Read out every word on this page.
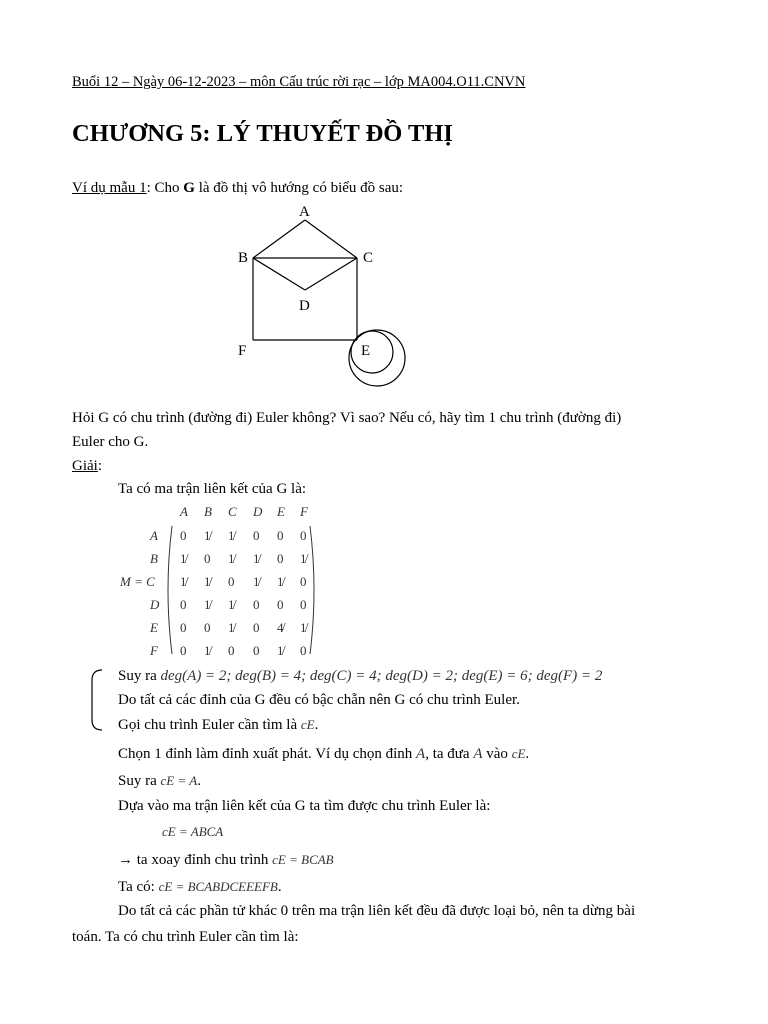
Buổi 12 – Ngày 06-12-2023 – môn Cấu trúc rời rạc – lớp MA004.O11.CNVN
CHƯƠNG 5: LÝ THUYẾT ĐỒ THỊ
Ví dụ mẫu 1: Cho G là đồ thị vô hướng có biểu đồ sau:
A
B	C
D
F	E
Hỏi G có chu trình (đường đi) Euler không? Vì sao? Nếu có, hãy tìm 1 chu trình (đường đi)
Euler cho G.
Giải:
Ta có ma trận liên kết của G là:
A B C D E F
A
B
M = C
D
E
F
0 1̸ 1̸ 0 0 0
1̸ 0 1̸ 1̸ 0 1̸
1̸ 1̸ 0 1̸ 1̸ 0
0 1̸ 1̸ 0 0 0
0 0 1̸ 0 4̸ 1̸
0 1̸ 0 0 1̸ 0
Suy ra deg(A) = 2; deg(B) = 4; deg(C) = 4; deg(D) = 2; deg(E) = 6; deg(F) = 2
Do tất cả các đỉnh của G đều có bậc chẵn nên G có chu trình Euler.
Gọi chu trình Euler cần tìm là cE.
Chọn 1 đỉnh làm đỉnh xuất phát. Ví dụ chọn đỉnh A, ta đưa A vào cE.
Suy ra cE = A.
Dựa vào ma trận liên kết của G ta tìm được chu trình Euler là:
cE = ABCA
→ ta xoay đỉnh chu trình cE = BCAB
Ta có: cE = BCABDCEEEFB.
Do tất cả các phần tử khác 0 trên ma trận liên kết đều đã được loại bỏ, nên ta dừng bài
toán. Ta có chu trình Euler cần tìm là:
